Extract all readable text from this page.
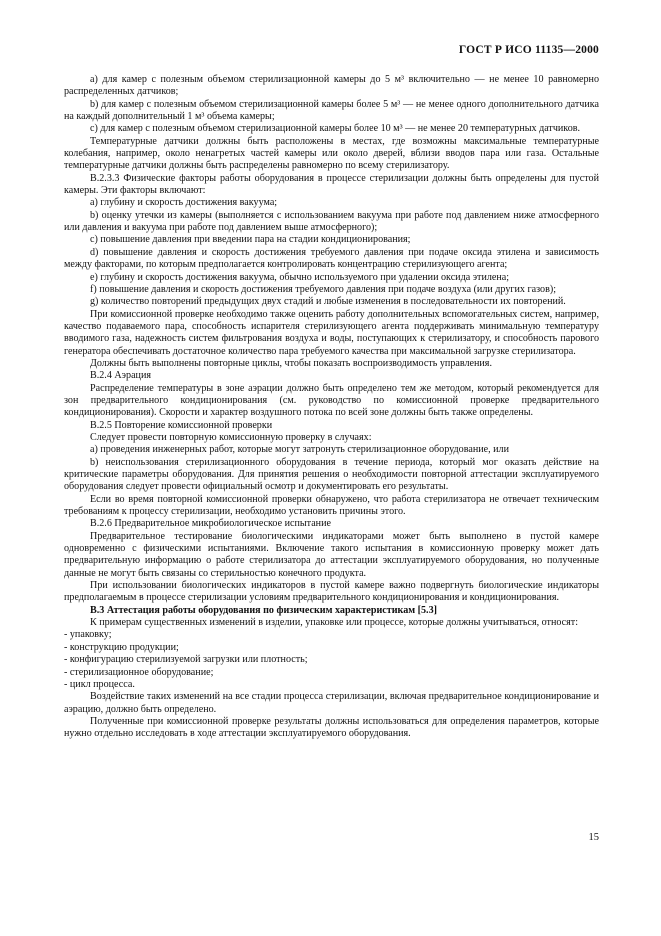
ГОСТ Р ИСО 11135—2000

а) для камер с полезным объемом стерилизационной камеры до 5 м³ включительно — не менее 10 равномерно распределенных датчиков;

b) для камер с полезным объемом стерилизационной камеры более 5 м³ — не менее одного дополнительного датчика на каждый дополнительный 1 м³ объема камеры;

с) для камер с полезным объемом стерилизационной камеры более 10 м³ — не менее 20 температурных датчиков.

Температурные датчики должны быть расположены в местах, где возможны максимальные температурные колебания, например, около ненагретых частей камеры или около дверей, вблизи вводов пара или газа. Остальные температурные датчики должны быть распределены равномерно по всему стерилизатору.

В.2.3.3 Физические факторы работы оборудования в процессе стерилизации должны быть определены для пустой камеры. Эти факторы включают:

а) глубину и скорость достижения вакуума;

b) оценку утечки из камеры (выполняется с использованием вакуума при работе под давлением ниже атмосферного или давления и вакуума при работе под давлением выше атмосферного);

с) повышение давления при введении пара на стадии кондиционирования;

d) повышение давления и скорость достижения требуемого давления при подаче оксида этилена и зависимость между факторами, по которым предполагается контролировать концентрацию стерилизующего агента;

е) глубину и скорость достижения вакуума, обычно используемого при удалении оксида этилена;

f) повышение давления и скорость достижения требуемого давления при подаче воздуха (или других газов);

g) количество повторений предыдущих двух стадий и любые изменения в последовательности их повторений.

При комиссионной проверке необходимо также оценить работу дополнительных вспомогательных систем, например, качество подаваемого пара, способность испарителя стерилизующего агента поддерживать минимальную температуру вводимого газа, надежность систем фильтрования воздуха и воды, поступающих к стерилизатору, и способность парового генератора обеспечивать достаточное количество пара требуемого качества при максимальной загрузке стерилизатора.

Должны быть выполнены повторные циклы, чтобы показать воспроизводимость управления.

В.2.4 Аэрация

Распределение температуры в зоне аэрации должно быть определено тем же методом, который рекомендуется для зон предварительного кондиционирования (см. руководство по комиссионной проверке предварительного кондиционирования). Скорости и характер воздушного потока по всей зоне должны быть также определены.

В.2.5 Повторение комиссионной проверки

Следует провести повторную комиссионную проверку в случаях:

а) проведения инженерных работ, которые могут затронуть стерилизационное оборудование, или

b) неиспользования стерилизационного оборудования в течение периода, который мог оказать действие на критические параметры оборудования. Для принятия решения о необходимости повторной аттестации эксплуатируемого оборудования следует провести официальный осмотр и документировать его результаты.

Если во время повторной комиссионной проверки обнаружено, что работа стерилизатора не отвечает техническим требованиям к процессу стерилизации, необходимо установить причины этого.

В.2.6 Предварительное микробиологическое испытание

Предварительное тестирование биологическими индикаторами может быть выполнено в пустой камере одновременно с физическими испытаниями. Включение такого испытания в комиссионную проверку может дать предварительную информацию о работе стерилизатора до аттестации эксплуатируемого оборудования, но полученные данные не могут быть связаны со стерильностью конечного продукта.

При использовании биологических индикаторов в пустой камере важно подвергнуть биологические индикаторы предполагаемым в процессе стерилизации условиям предварительного кондиционирования и кондиционирования.

В.3 Аттестация работы оборудования по физическим характеристикам [5.3]

К примерам существенных изменений в изделии, упаковке или процессе, которые должны учитываться, относят:

- упаковку;

- конструкцию продукции;

- конфигурацию стерилизуемой загрузки или плотность;

- стерилизационное оборудование;

- цикл процесса.

Воздействие таких изменений на все стадии процесса стерилизации, включая предварительное кондиционирование и аэрацию, должно быть определено.

Полученные при комиссионной проверке результаты должны использоваться для определения параметров, которые нужно отдельно исследовать в ходе аттестации эксплуатируемого оборудования.

15
